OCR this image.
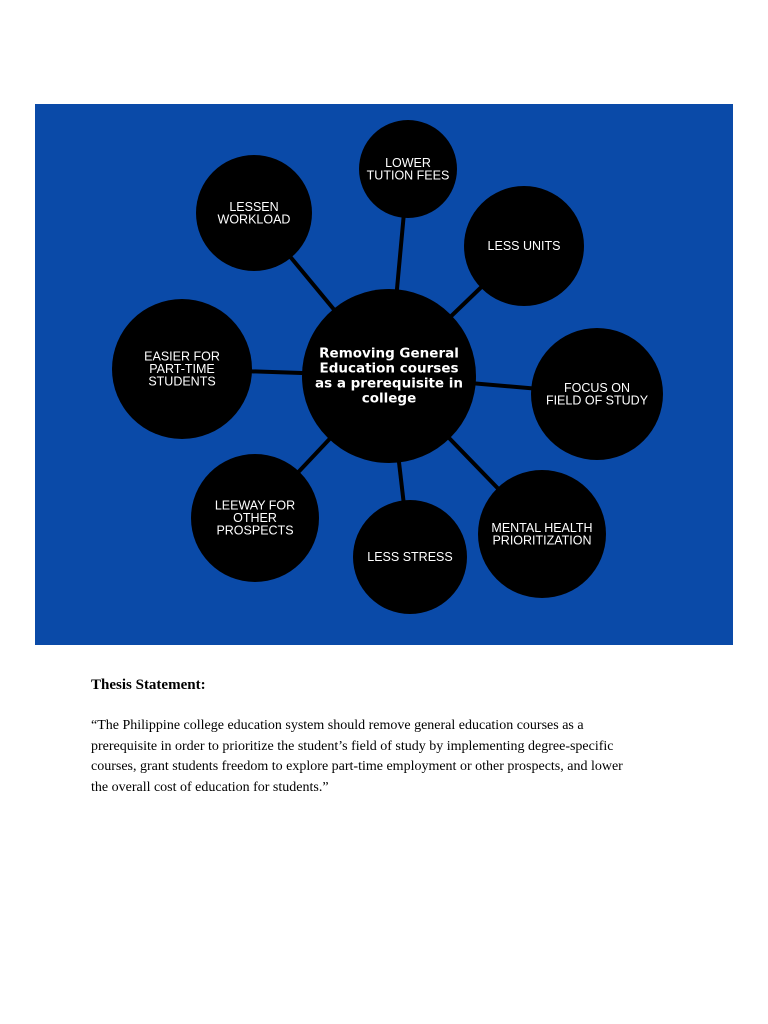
LOWER
TUTION FEES
LESS UNITS
FOCUS ON
FIELD OF STUDY
MENTAL HEALTH
PRIORITIZATION
LESS STRESS
LEEWAY FOR
OTHER
PROSPECTS
EASIER FOR
PART-TIME
STUDENTS
LESSEN
WORKLOAD
Removing General
Education courses
as a prerequisite in
college
Thesis Statement:

“The Philippine college education system should remove general education courses as a
prerequisite in order to prioritize the student’s field of study by implementing degree-specific
courses, grant students freedom to explore part-time employment or other prospects, and lower
the overall cost of education for students.”
